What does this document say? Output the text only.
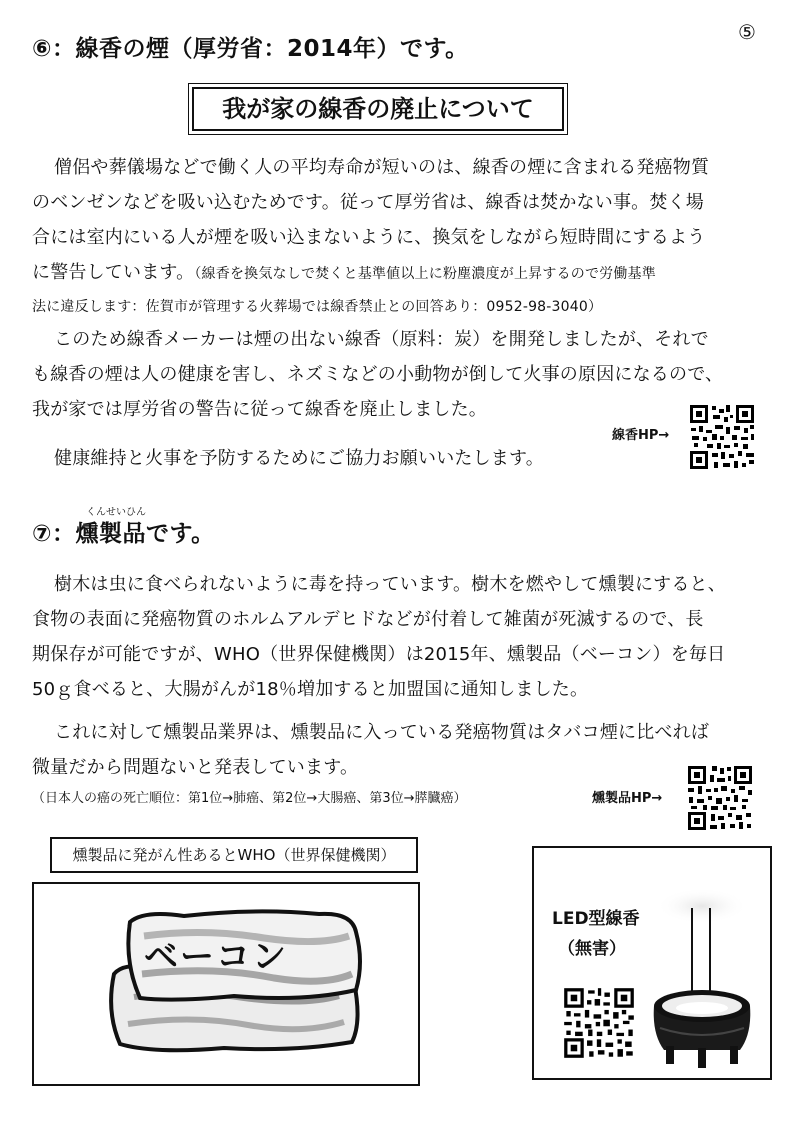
⑤
⑥：線香の煙（厚労省：2014年）です。
我が家の線香の廃止について
僧侶や葬儀場などで働く人の平均寿命が短いのは、線香の煙に含まれる発癌物質
のベンゼンなどを吸い込むためです。従って厚労省は、線香は焚かない事。焚く場
合には室内にいる人が煙を吸い込まないように、換気をしながら短時間にするよう
に警告しています。（線香を換気なしで焚くと基準値以上に粉塵濃度が上昇するので労働基準
法に違反します：佐賀市が管理する火葬場では線香禁止との回答あり：0952-98-3040）
このため線香メーカーは煙の出ない線香（原料：炭）を開発しましたが、それで
も線香の煙は人の健康を害し、ネズミなどの小動物が倒して火事の原因になるので、
我が家では厚労省の警告に従って線香を廃止しました。
健康維持と火事を予防するためにご協力お願いいたします。
線香HP→
くんせいひん
⑦：燻製品です。
樹木は虫に食べられないように毒を持っています。樹木を燃やして燻製にすると、
食物の表面に発癌物質のホルムアルデヒドなどが付着して雑菌が死滅するので、長
期保存が可能ですが、WHO（世界保健機関）は2015年、燻製品（ベーコン）を毎日
50ｇ食べると、大腸がんが18％増加すると加盟国に通知しました。
これに対して燻製品業界は、燻製品に入っている発癌物質はタバコ煙に比べれば
微量だから問題ないと発表しています。
（日本人の癌の死亡順位：第1位→肺癌、第2位→大腸癌、第3位→膵臓癌）	燻製品HP→
燻製品に発がん性あるとWHO（世界保健機関）
ベーコン
LED型線香
（無害）
